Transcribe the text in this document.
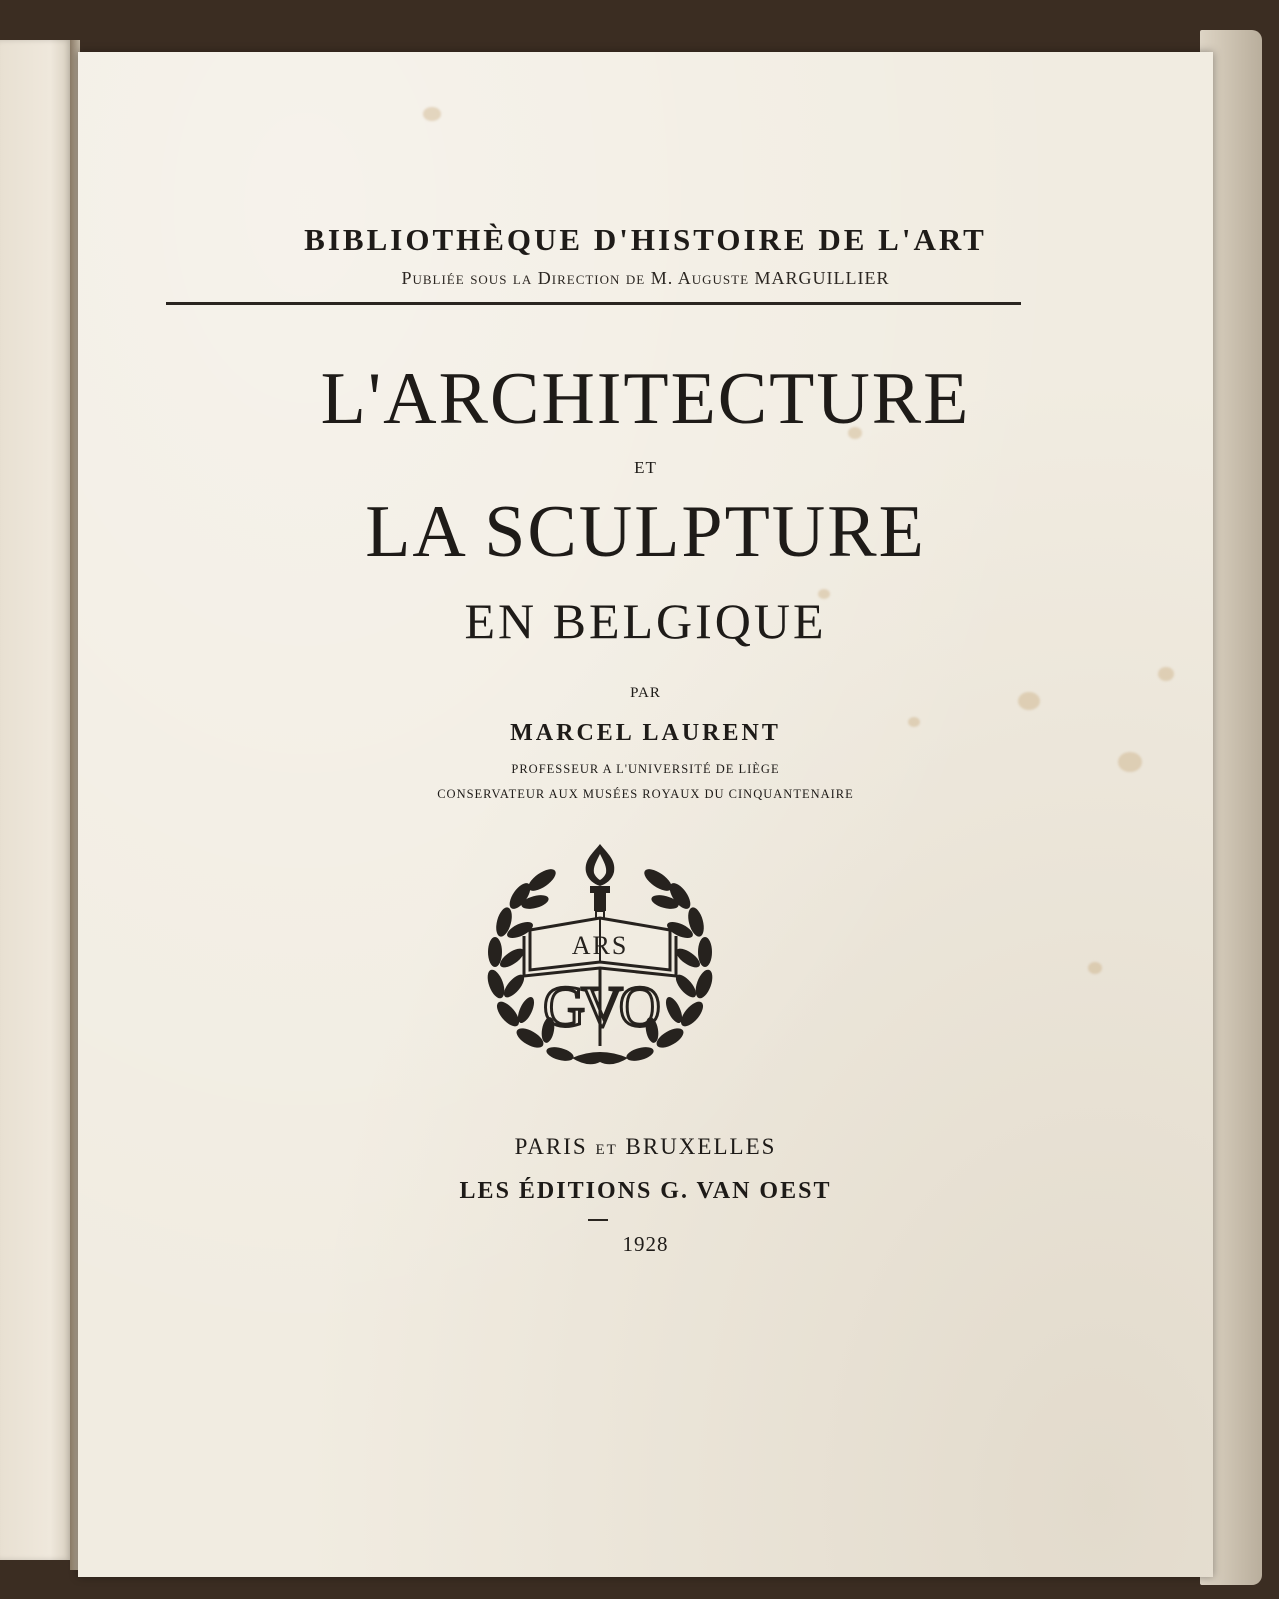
BIBLIOTHÈQUE D'HISTOIRE DE L'ART
Publiée sous la Direction de M. Auguste MARGUILLIER
L'ARCHITECTURE
ET
LA SCULPTURE
EN BELGIQUE
PAR
MARCEL LAURENT
PROFESSEUR A L'UNIVERSITÉ DE LIÈGE
CONSERVATEUR AUX MUSÉES ROYAUX DU CINQUANTENAIRE
ARS
GVO
PARIS ET BRUXELLES
LES ÉDITIONS G. VAN OEST
1928
